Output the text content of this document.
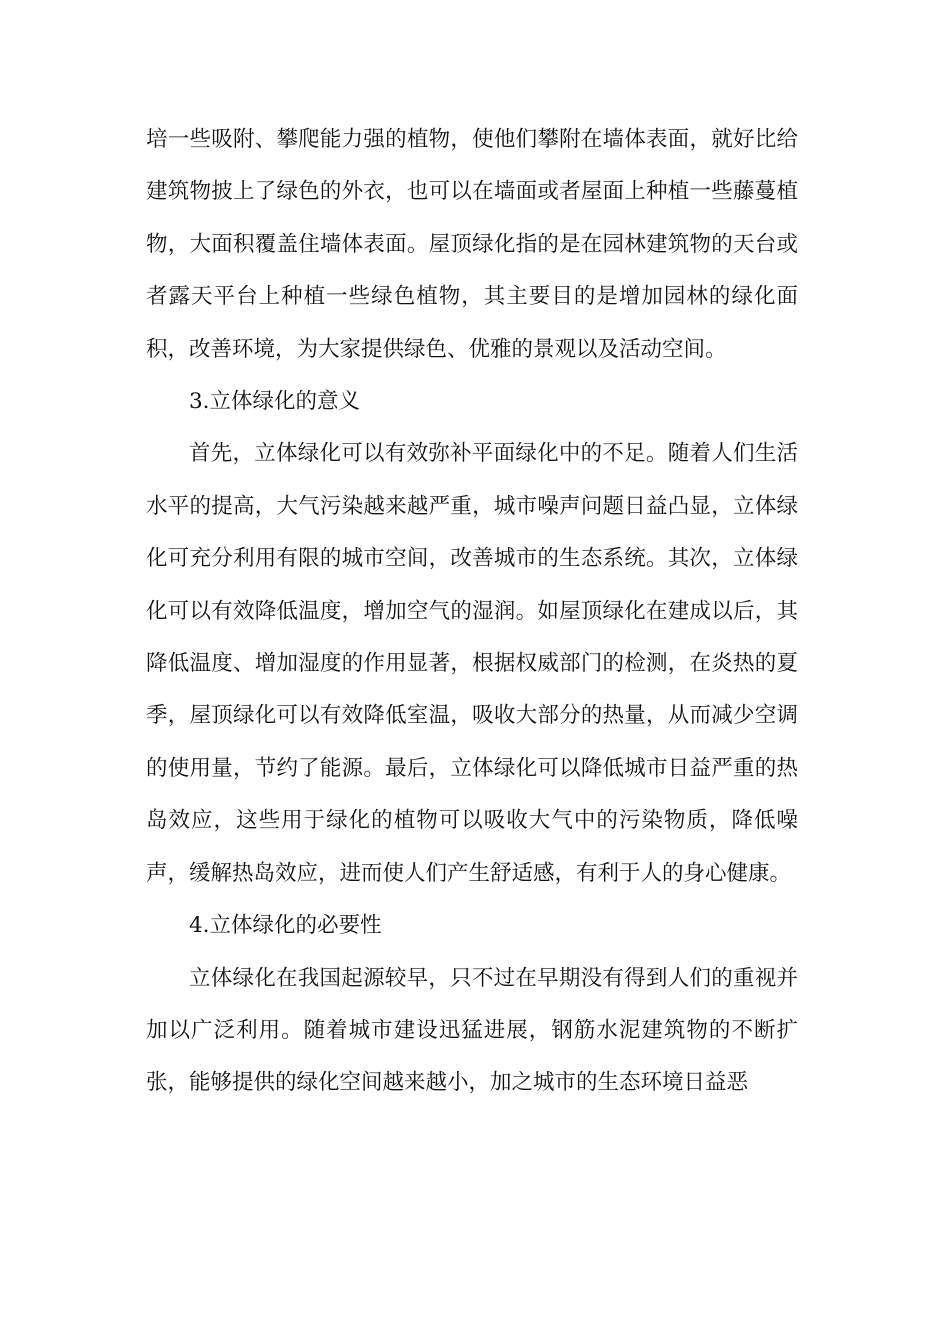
培一些吸附、攀爬能力强的植物，使他们攀附在墙体表面，就好比给建筑物披上了绿色的外衣，也可以在墙面或者屋面上种植一些藤蔓植物，大面积覆盖住墙体表面。屋顶绿化指的是在园林建筑物的天台或者露天平台上种植一些绿色植物，其主要目的是增加园林的绿化面积，改善环境，为大家提供绿色、优雅的景观以及活动空间。

3.立体绿化的意义

首先，立体绿化可以有效弥补平面绿化中的不足。随着人们生活水平的提高，大气污染越来越严重，城市噪声问题日益凸显，立体绿化可充分利用有限的城市空间，改善城市的生态系统。其次，立体绿化可以有效降低温度，增加空气的湿润。如屋顶绿化在建成以后，其降低温度、增加湿度的作用显著，根据权威部门的检测，在炎热的夏季，屋顶绿化可以有效降低室温，吸收大部分的热量，从而减少空调的使用量，节约了能源。最后，立体绿化可以降低城市日益严重的热岛效应，这些用于绿化的植物可以吸收大气中的污染物质，降低噪声，缓解热岛效应，进而使人们产生舒适感，有利于人的身心健康。

4.立体绿化的必要性

立体绿化在我国起源较早，只不过在早期没有得到人们的重视并加以广泛利用。随着城市建设迅猛进展，钢筋水泥建筑物的不断扩张，能够提供的绿化空间越来越小，加之城市的生态环境日益恶
